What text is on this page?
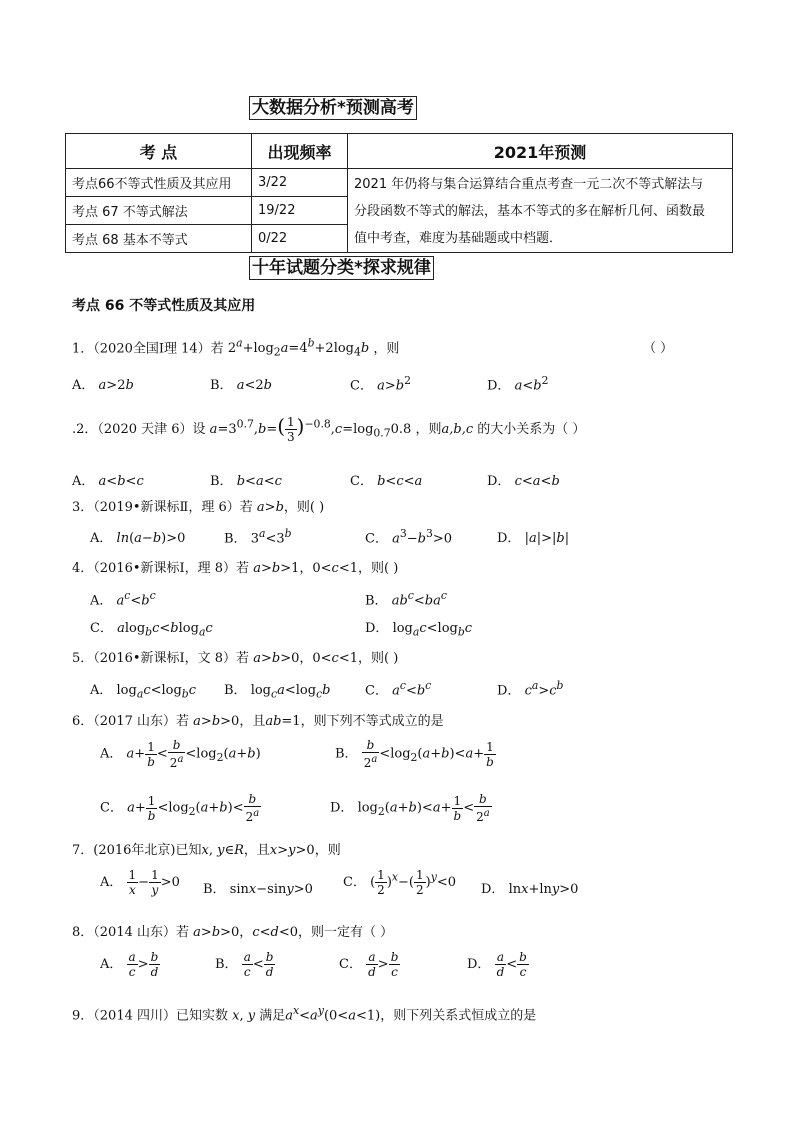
大数据分析*预测高考
考 点	出现频率	2021年预测
考点66不等式性质及其应用	3/22	2021 年仍将与集合运算结合重点考查一元二次不等式解法与
分段函数不等式的解法，基本不等式的多在解析几何、函数最
值中考查，难度为基础题或中档题．

考点 67 不等式解法	19/22	
考点 68 基本不等式	0/22	
十年试题分类*探求规律
考点 66 不等式性质及其应用
1．（2020全国Ⅰ理 14）若 $2^a+\log_2a=4^b+2\log_4b$ ，则	（ ）
A． a>2b	B． a<2b	C． $a>b^2$	D． $a<b^2$
.2．（2020 天津 6）设 $a=3^{0.7},b=( \frac{1}{3} )^{-0.8},c=\log_{0.7}0.8$ ，则a,b,c 的大小关系为（ ）
A． a<b<c	B． b<a<c	C． b<c<a	D． c<a<b
3．（2019•新课标Ⅱ，理 6）若 a>b，则( )
A． ln(a−b)>0	B． $3^a<3^b$	C． $a^3-b^3>0$	D． |a|>|b|
4．（2016•新课标Ⅰ，理 8）若 a>b>1，0<c<1，则( )
A． $a^c<b^c$	B． $ab^c<ba^c$
C． alog$_b$c<blog$_a$c	D． $\log_ac<\log_bc$
5．（2016•新课标Ⅰ，文 8）若 a>b>0，0<c<1，则( )
A． $\log_ac<\log_bc$ B． $\log_ca<\log_cb$	C． $a^c<b^c$	D． $c^a>c^b$
6．（2017 山东）若 a>b>0，且ab=1，则下列不等式成立的是
A． $a+ \frac{1}{b} < \frac{b}{2^a} <\log_2(a+b)$	B． $\frac{b}{2^a} <\log_2(a+b)<a+ \frac{1}{b}$
C． $a+ \frac{1}{b} <\log_2(a+b)< \frac{b}{2^a}$	D． $\log_2(a+b)<a+ \frac{1}{b} < \frac{b}{2^a}$
7．(2016年北京)已知x, y∈R，且x>y>0，则
A． $\frac{1}{x} - \frac{1}{y} >0$ B． sinx−siny>0 C． ( $\frac{1}{2} )^x-( \frac{1}{2} )^y<0$ D． lnx+lny>0
8．（2014 山东）若 a>b>0，c<d<0，则一定有（ ）
A． $\frac{a}{c} > \frac{b}{d}$	B． $\frac{a}{c} < \frac{b}{d}$	C． $\frac{a}{d} > \frac{b}{c}$	D． $\frac{a}{d} < \frac{b}{c}$
9．（2014 四川）已知实数 x, y 满足$a^x<a^y(0<a<1)$，则下列关系式恒成立的是
